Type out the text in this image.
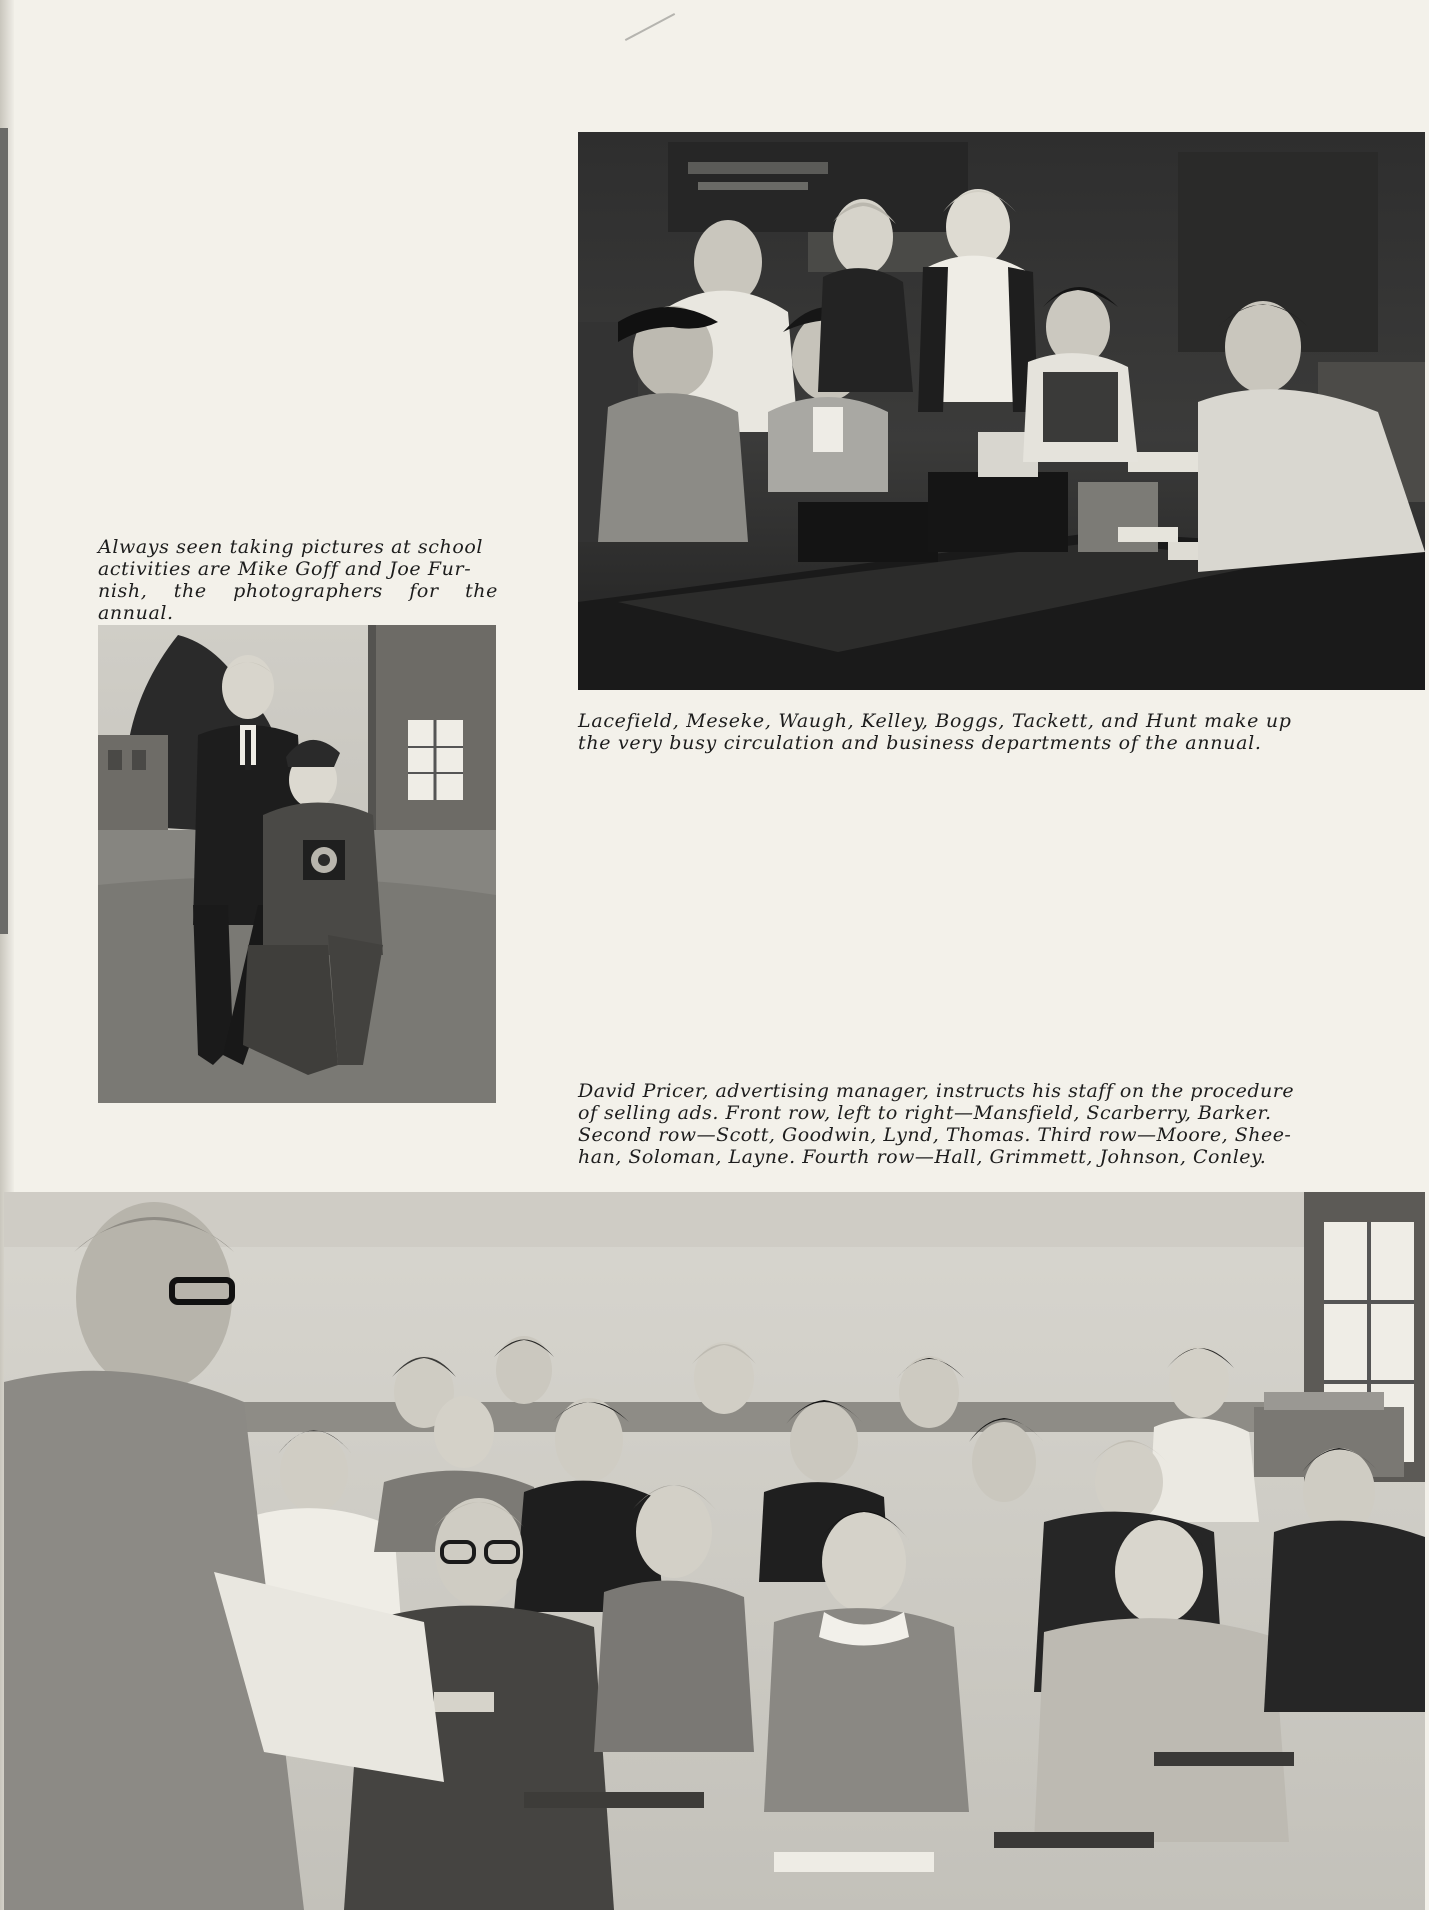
Always seen taking pictures at school
activities are Mike Goff and Joe Fur-
nish, the photographers for the annual.

Lacefield, Meseke, Waugh, Kelley, Boggs, Tackett, and Hunt make up
the very busy circulation and business departments of the annual.

David Pricer, advertising manager, instructs his staff on the procedure
of selling ads. Front row, left to right—Mansfield, Scarberry, Barker.
Second row—Scott, Goodwin, Lynd, Thomas. Third row—Moore, Shee-
han, Soloman, Layne. Fourth row—Hall, Grimmett, Johnson, Conley.
